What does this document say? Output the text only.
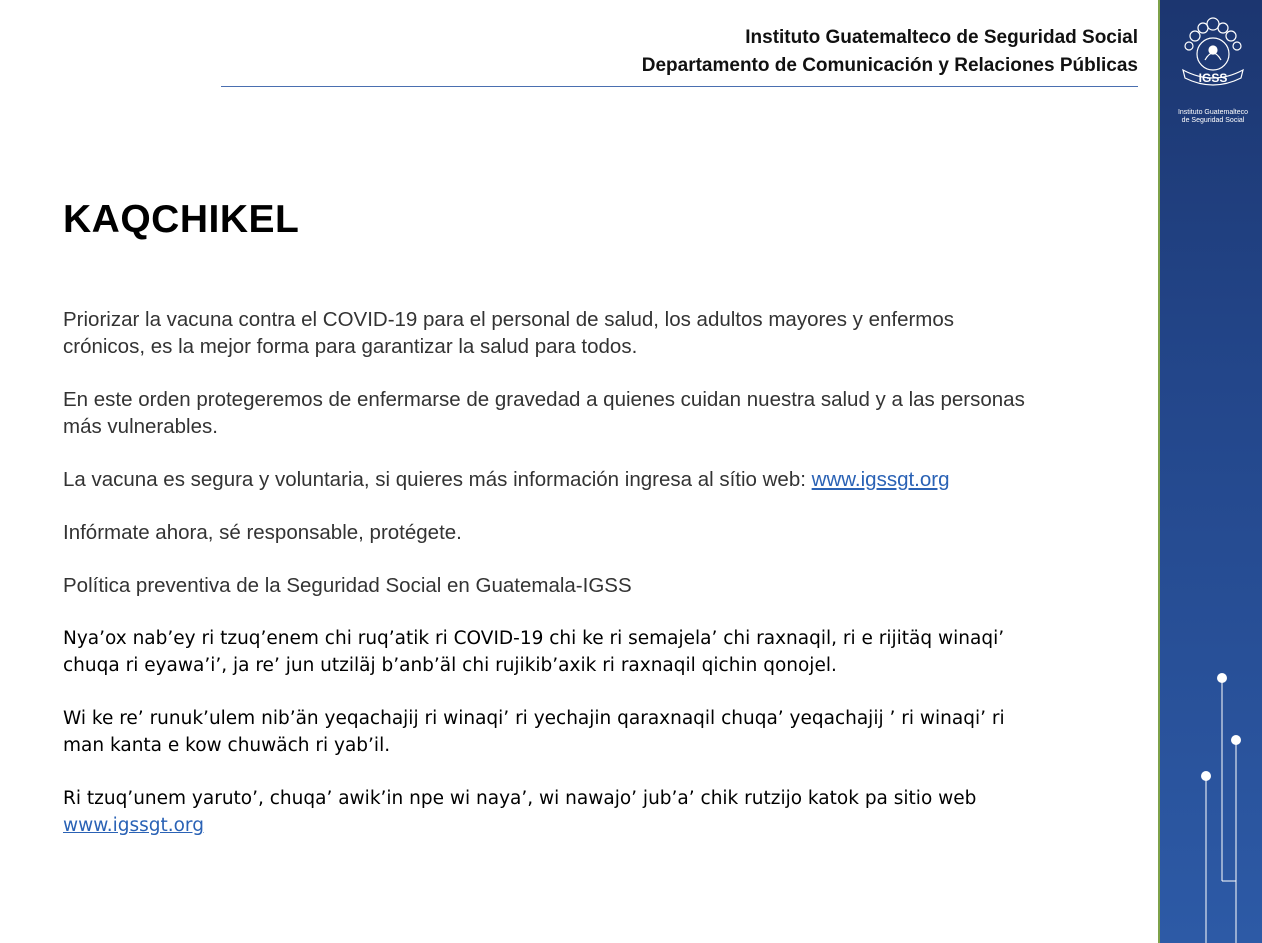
Instituto Guatemalteco de Seguridad Social
Departamento de Comunicación y Relaciones Públicas
IGSS
Instituto Guatemalteco
de Seguridad Social
KAQCHIKEL

Priorizar la vacuna contra el COVID-19 para el personal de salud, los adultos mayores y enfermos
crónicos, es la mejor forma para garantizar la salud para todos.

En este orden protegeremos de enfermarse de gravedad a quienes cuidan nuestra salud y a las personas
más vulnerables.

La vacuna es segura y voluntaria, si quieres más información ingresa al sítio web: www.igssgt.org

Infórmate ahora, sé responsable, protégete.

Política preventiva de la Seguridad Social en Guatemala-IGSS

Nya’ox nab’ey ri tzuq’enem chi ruq’atik ri COVID-19 chi ke ri semajela’ chi raxnaqil, ri e rijitäq winaqi’
chuqa ri eyawa’i’, ja re’ jun utziläj b’anb’äl chi rujikib’axik ri raxnaqil qichin qonojel.

Wi ke re’ runuk’ulem nib’än yeqachajij ri winaqi’ ri yechajin qaraxnaqil chuqa’ yeqachajij ’ ri winaqi’ ri
man kanta e kow chuwäch ri yab’il.

Ri tzuq’unem yaruto’, chuqa’ awik’in npe wi naya’, wi nawajo’ jub’a’ chik rutzijo katok pa sitio web
www.igssgt.org
